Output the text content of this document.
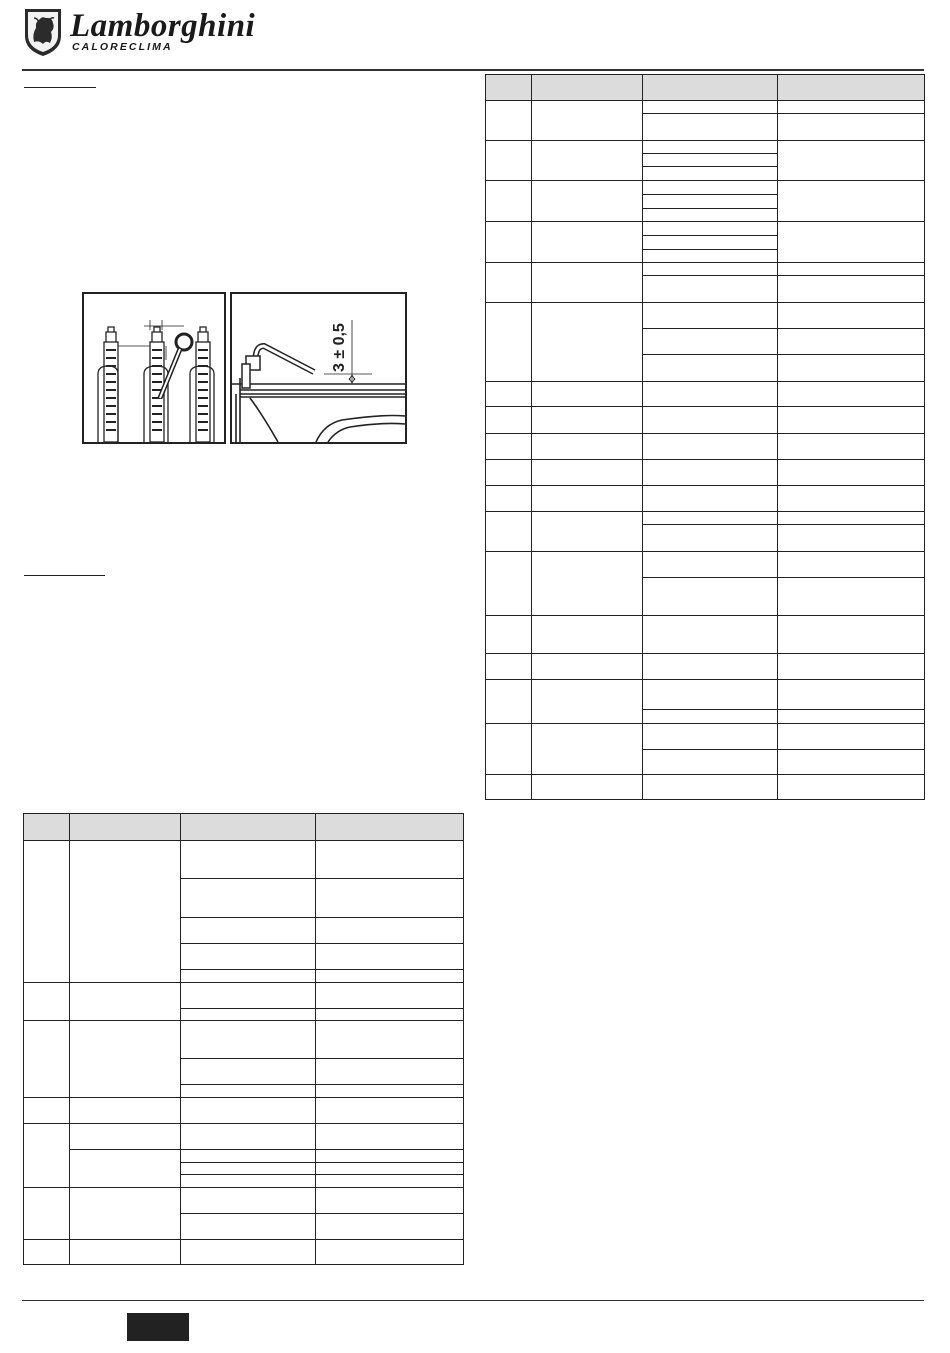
Lamborghini
CALORECLIMA
3 ± 0,5
